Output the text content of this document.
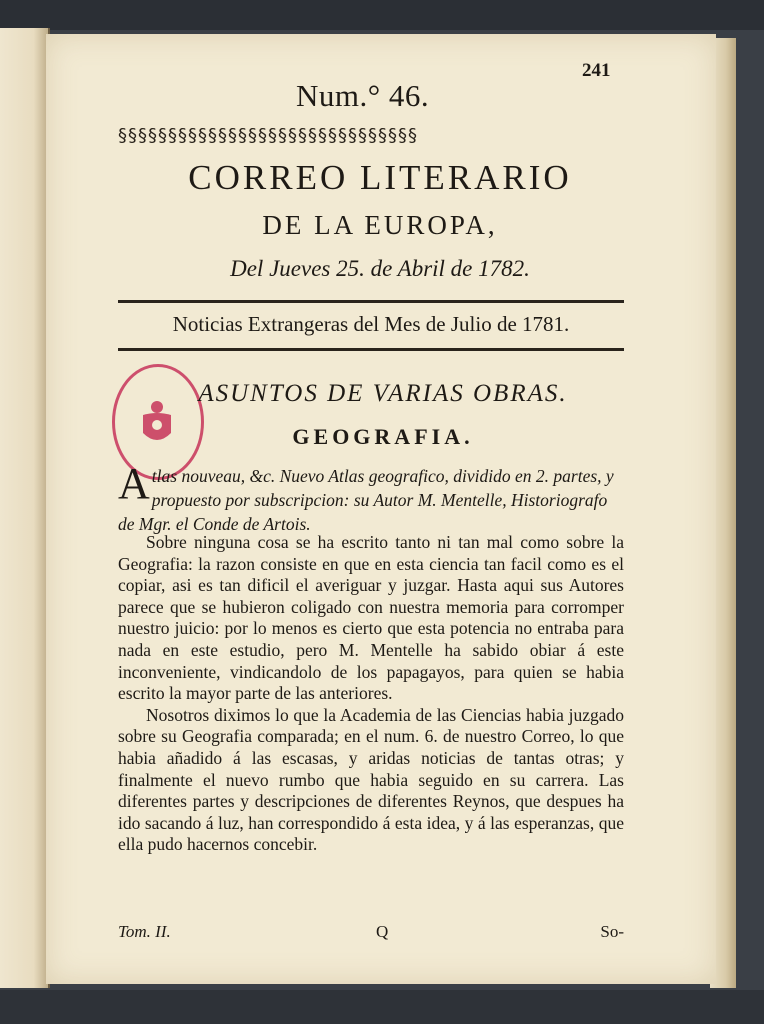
241
Num.° 46.
§§§§§§§§§§§§§§§§§§§§§§§§§§§§§§
CORREO LITERARIO
DE LA EUROPA,
Del Jueves 25. de Abril de 1782.
Noticias Extrangeras del Mes de Julio de 1781.
ASUNTOS DE VARIAS OBRAS.
GEOGRAFIA.
A tlas nouveau, &c. Nuevo Atlas geografico, dividido en 2. partes, y propuesto por subscripcion: su Autor M. Mentelle, Historiografo de Mgr. el Conde de Artois.

Sobre ninguna cosa se ha escrito tanto ni tan mal como sobre la Geografia: la razon consiste en que en esta ciencia tan facil como es el copiar, asi es tan dificil el averiguar y juzgar. Hasta aqui sus Autores parece que se hubieron coligado con nuestra memoria para corromper nuestro juicio: por lo menos es cierto que esta potencia no entraba para nada en este estudio, pero M. Mentelle ha sabido obiar á este inconveniente, vindicandolo de los papagayos, para quien se habia escrito la mayor parte de las anteriores.

Nosotros diximos lo que la Academia de las Ciencias habia juzgado sobre su Geografia comparada; en el num. 6. de nuestro Correo, lo que habia añadido á las escasas, y aridas noticias de tantas otras; y finalmente el nuevo rumbo que habia seguido en su carrera. Las diferentes partes y descripciones de diferentes Reynos, que despues ha ido sacando á luz, han correspondido á esta idea, y á las esperanzas, que ella pudo hacernos concebir.

Tom. II.	Q	So-
